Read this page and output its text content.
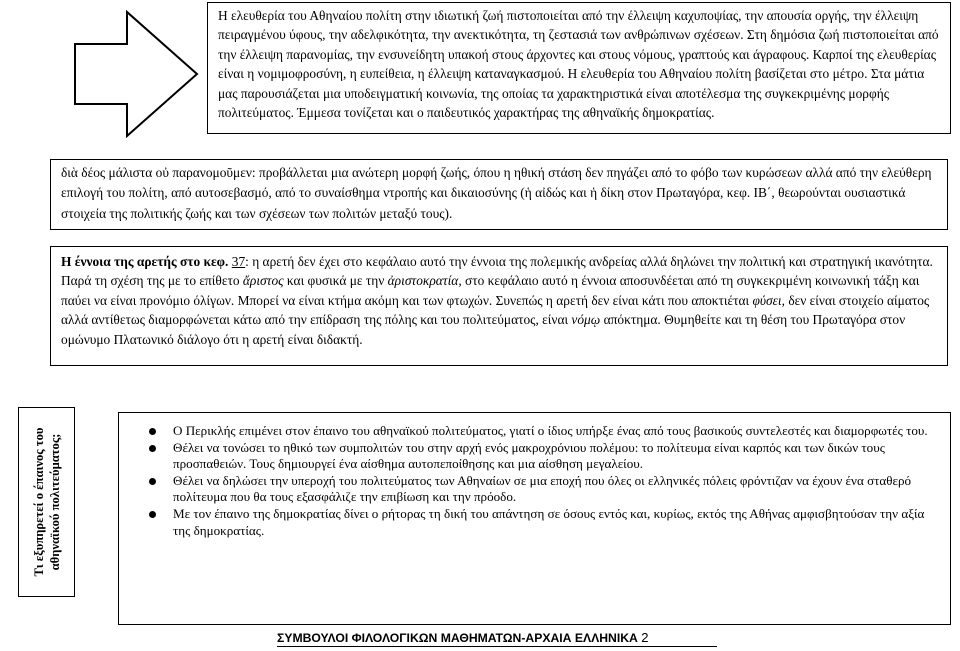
Η ελευθερία του Αθηναίου πολίτη στην ιδιωτική ζωή πιστοποιείται από την έλλειψη καχυποψίας, την απουσία οργής, την έλλειψη πειραγμένου ύφους, την αδελφικότητα, την ανεκτικότητα, τη ζεστασιά των ανθρώπινων σχέσεων. Στη δημόσια ζωή πιστοποιείται από την έλλειψη παρανομίας, την ενσυνείδητη υπακοή στους άρχοντες και στους νόμους, γραπτούς και άγραφους. Καρποί της ελευθερίας είναι η νομιμοφροσύνη, η ευπείθεια, η έλλειψη καταναγκασμού. Η ελευθερία του Αθηναίου πολίτη βασίζεται στο μέτρο. Στα μάτια μας παρουσιάζεται μια υποδειγματική κοινωνία, της οποίας τα χαρακτηριστικά είναι αποτέλεσμα της συγκεκριμένης μορφής πολιτεύματος. Έμμεσα τονίζεται και ο παιδευτικός χαρακτήρας της αθηναϊκής δημοκρατίας.

διὰ δέος μάλιστα οὐ παρανομοῦμεν: προβάλλεται μια ανώτερη μορφή ζωής, όπου η ηθική στάση δεν πηγάζει από το φόβο των κυρώσεων αλλά από την ελεύθερη επιλογή του πολίτη, από αυτοσεβασμό, από το συναίσθημα ντροπής και δικαιοσύνης (ἡ αἰδώς και ἡ δίκη στον Πρωταγόρα, κεφ. ΙΒ΄, θεωρούνται ουσιαστικά στοιχεία της πολιτικής ζωής και των σχέσεων των πολιτών μεταξύ τους).

Η έννοια της αρετής στο κεφ. 37: η αρετή δεν έχει στο κεφάλαιο αυτό την έννοια της πολεμικής ανδρείας αλλά δηλώνει την πολιτική και στρατηγική ικανότητα. Παρά τη σχέση της με το επίθετο ἄριστος και φυσικά με την ἀριστοκρατία, στο κεφάλαιο αυτό η έννοια αποσυνδέεται από τη συγκεκριμένη κοινωνική τάξη και παύει να είναι προνόμιο όλίγων. Μπορεί να είναι κτήμα ακόμη και των φτωχών. Συνεπώς η αρετή δεν είναι κάτι που αποκτιέται φύσει, δεν είναι στοιχείο αίματος αλλά αντίθετως διαμορφώνεται κάτω από την επίδραση της πόλης και του πολιτεύματος, είναι νόμῳ απόκτημα. Θυμηθείτε και τη θέση του Πρωταγόρα στον ομώνυμο Πλατωνικό διάλογο ότι η αρετή είναι διδακτή.

Τι εξυπηρετεί ο έπαινος του αθηναϊκού πολιτεύματος;
Ο Περικλής επιμένει στον έπαινο του αθηναϊκού πολιτεύματος, γιατί ο ίδιος υπήρξε ένας από τους βασικούς συντελεστές και διαμορφωτές του.
Θέλει να τονώσει το ηθικό των συμπολιτών του στην αρχή ενός μακροχρόνιου πολέμου: το πολίτευμα είναι καρπός και των δικών τους προσπαθειών. Τους δημιουργεί ένα αίσθημα αυτοπεποίθησης και μια αίσθηση μεγαλείου.
Θέλει να δηλώσει την υπεροχή του πολιτεύματος των Αθηναίων σε μια εποχή που όλες οι ελληνικές πόλεις φρόντιζαν να έχουν ένα σταθερό πολίτευμα που θα τους εξασφάλιζε την επιβίωση και την πρόοδο.
Με τον έπαινο της δημοκρατίας δίνει ο ρήτορας τη δική του απάντηση σε όσους εντός και, κυρίως, εκτός της Αθήνας αμφισβητούσαν την αξία της δημοκρατίας.
ΣΥΜΒΟΥΛΟΙ ΦΙΛΟΛΟΓΙΚΩΝ ΜΑΘΗΜΑΤΩΝ-ΑΡΧΑΙΑ ΕΛΛΗΝΙΚΑ 2
